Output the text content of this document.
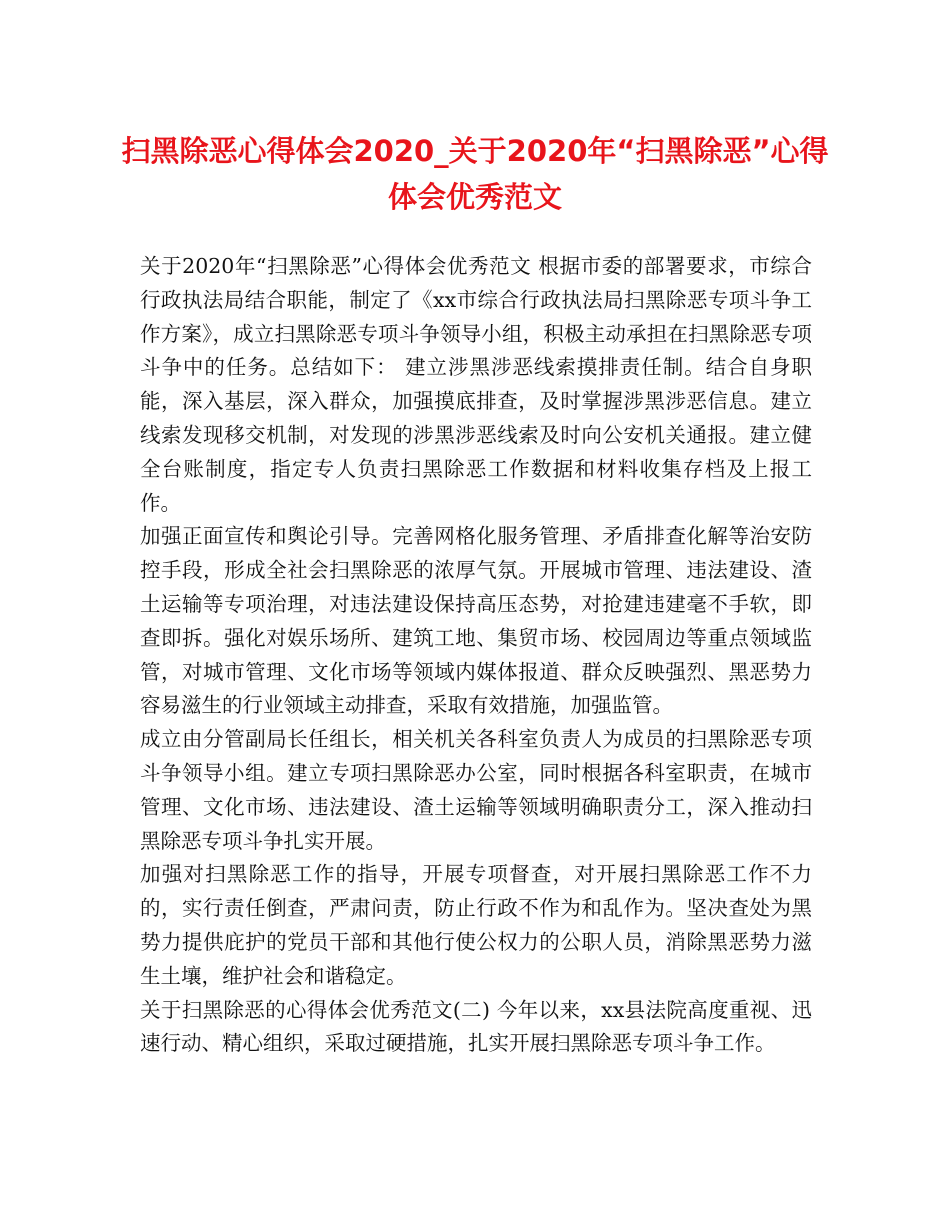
扫黑除恶心得体会2020_关于2020年“扫黑除恶”心得体会优秀范文

关于2020年“扫黑除恶”心得体会优秀范文 根据市委的部署要求，市综合行政执法局结合职能，制定了《xx市综合行政执法局扫黑除恶专项斗争工作方案》，成立扫黑除恶专项斗争领导小组，积极主动承担在扫黑除恶专项斗争中的任务。总结如下： 建立涉黑涉恶线索摸排责任制。结合自身职能，深入基层，深入群众，加强摸底排查，及时掌握涉黑涉恶信息。建立线索发现移交机制，对发现的涉黑涉恶线索及时向公安机关通报。建立健全台账制度，指定专人负责扫黑除恶工作数据和材料收集存档及上报工作。

加强正面宣传和舆论引导。完善网格化服务管理、矛盾排查化解等治安防控手段，形成全社会扫黑除恶的浓厚气氛。开展城市管理、违法建设、渣土运输等专项治理，对违法建设保持高压态势，对抢建违建毫不手软，即查即拆。强化对娱乐场所、建筑工地、集贸市场、校园周边等重点领域监管，对城市管理、文化市场等领域内媒体报道、群众反映强烈、黑恶势力容易滋生的行业领域主动排查，采取有效措施，加强监管。

成立由分管副局长任组长，相关机关各科室负责人为成员的扫黑除恶专项斗争领导小组。建立专项扫黑除恶办公室，同时根据各科室职责，在城市管理、文化市场、违法建设、渣土运输等领域明确职责分工，深入推动扫黑除恶专项斗争扎实开展。

加强对扫黑除恶工作的指导，开展专项督查，对开展扫黑除恶工作不力的，实行责任倒查，严肃问责，防止行政不作为和乱作为。坚决查处为黑势力提供庇护的党员干部和其他行使公权力的公职人员，消除黑恶势力滋生土壤，维护社会和谐稳定。

关于扫黑除恶的心得体会优秀范文(二) 今年以来，xx县法院高度重视、迅速行动、精心组织，采取过硬措施，扎实开展扫黑除恶专项斗争工作。
